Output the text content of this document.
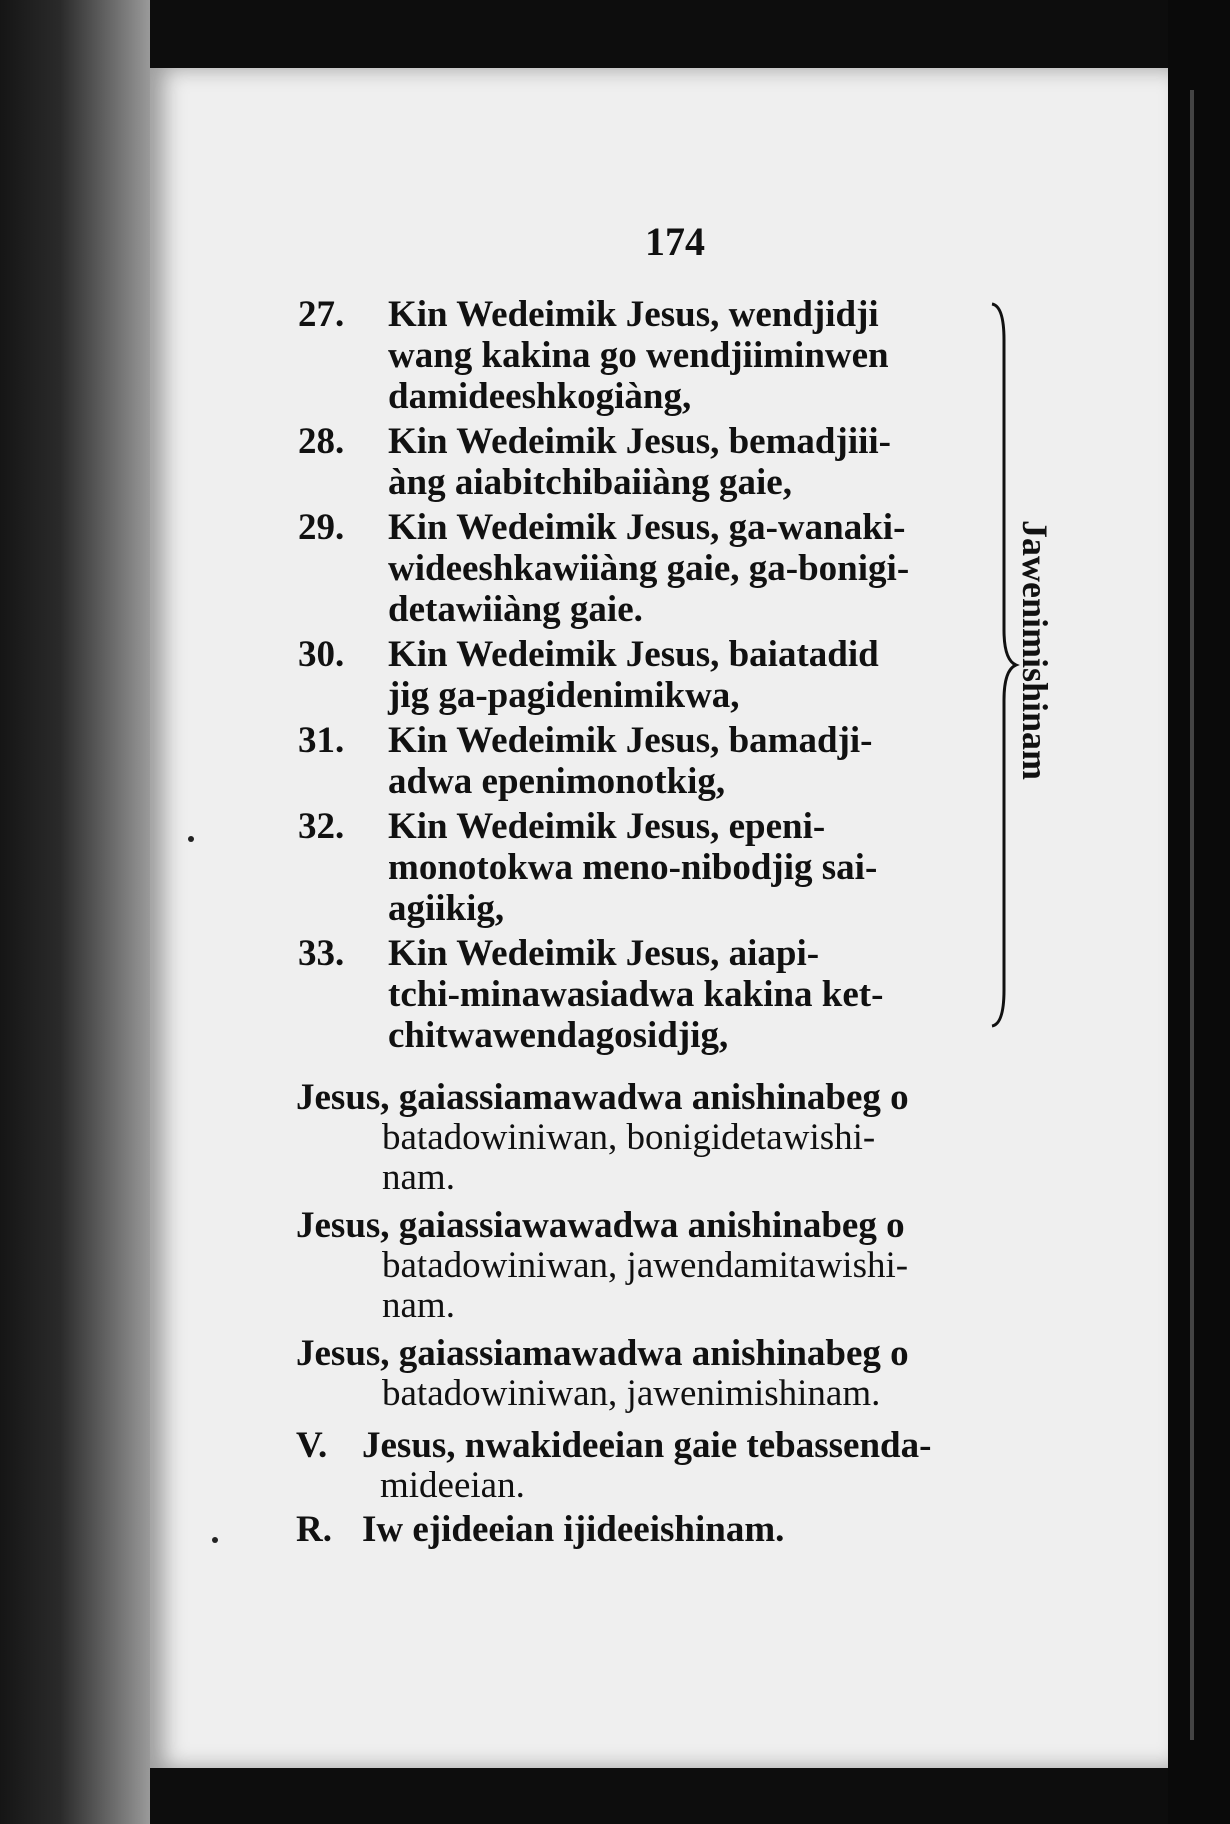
174
27.	Kin Wedeimik Jesus, wendjidji
wang kakina go wendjiiminwen
damideeshkogiàng,
28.	Kin Wedeimik Jesus, bemadjiii-
àng aiabitchibaiiàng gaie,
29.	Kin Wedeimik Jesus, ga-wanaki-
wideeshkawiiàng gaie, ga-bonigi-
detawiiàng gaie.
30.	Kin Wedeimik Jesus, baiatadid
jig ga-pagidenimikwa,
31.	Kin Wedeimik Jesus, bamadji-
adwa epenimonotkig,
32.	Kin Wedeimik Jesus, epeni-
monotokwa meno-nibodjig sai-
agiikig,
33.	Kin Wedeimik Jesus, aiapi-
tchi-minawasiadwa kakina ket-
chitwawendagosidjig,
Jawenimishinam
Jesus, gaiassiamawadwa anishinabeg o
batadowiniwan, bonigidetawishi-
nam.
Jesus, gaiassiawawadwa anishinabeg o
batadowiniwan, jawendamitawishi-
nam.
Jesus, gaiassiamawadwa anishinabeg o
batadowiniwan, jawenimishinam.
V. Jesus, nwakideeian gaie tebassenda-
mideeian.
R. Iw ejideeian ijideeishinam.
